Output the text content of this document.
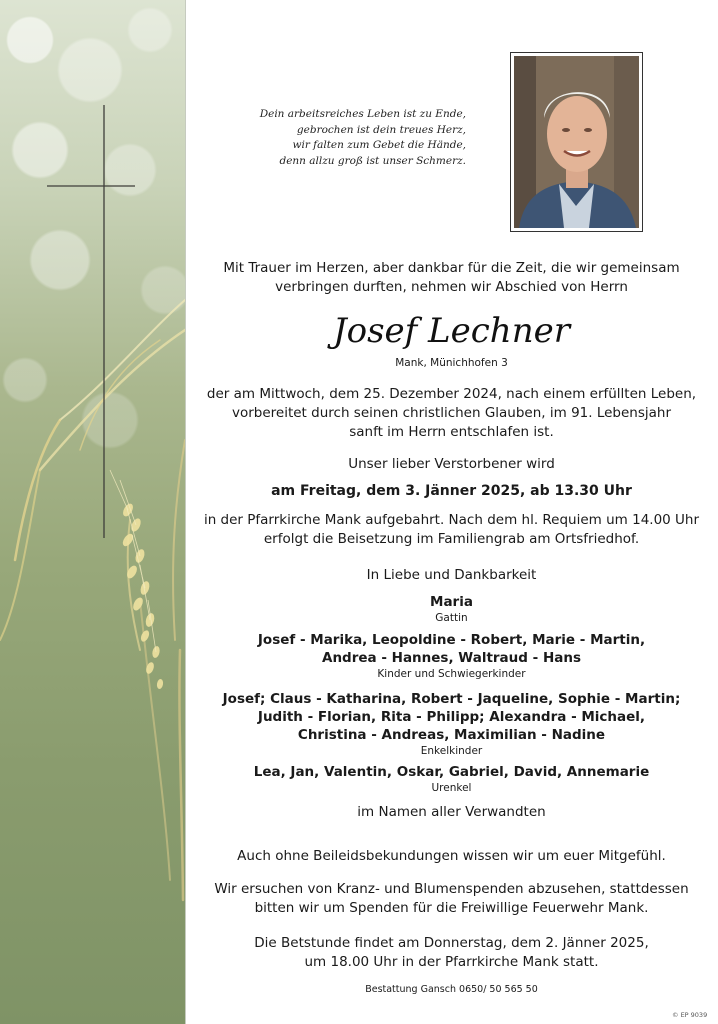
Dein arbeitsreiches Leben ist zu Ende,
gebrochen ist dein treues Herz,
wir falten zum Gebet die Hände,
denn allzu groß ist unser Schmerz.
Mit Trauer im Herzen, aber dankbar für die Zeit, die wir gemeinsam
verbringen durften, nehmen wir Abschied von Herrn
Josef Lechner
Mank, Münichhofen 3
der am Mittwoch, dem 25. Dezember 2024, nach einem erfüllten Leben,
vorbereitet durch seinen christlichen Glauben, im 91. Lebensjahr
sanft im Herrn entschlafen ist.
Unser lieber Verstorbener wird
am Freitag, dem 3. Jänner 2025, ab 13.30 Uhr
in der Pfarrkirche Mank aufgebahrt. Nach dem hl. Requiem um 14.00 Uhr
erfolgt die Beisetzung im Familiengrab am Ortsfriedhof.
In Liebe und Dankbarkeit
Maria
Gattin
Josef - Marika, Leopoldine - Robert, Marie - Martin,
Andrea - Hannes, Waltraud - Hans
Kinder und Schwiegerkinder
Josef; Claus - Katharina, Robert - Jaqueline, Sophie - Martin;
Judith - Florian, Rita - Philipp; Alexandra - Michael,
Christina - Andreas, Maximilian - Nadine
Enkelkinder
Lea, Jan, Valentin, Oskar, Gabriel, David, Annemarie
Urenkel
im Namen aller Verwandten
Auch ohne Beileidsbekundungen wissen wir um euer Mitgefühl.
Wir ersuchen von Kranz- und Blumenspenden abzusehen, stattdessen
bitten wir um Spenden für die Freiwillige Feuerwehr Mank.
Die Betstunde findet am Donnerstag, dem 2. Jänner 2025,
um 18.00 Uhr in der Pfarrkirche Mank statt.
Bestattung Gansch 0650/ 50 565 50
© EP 9039
